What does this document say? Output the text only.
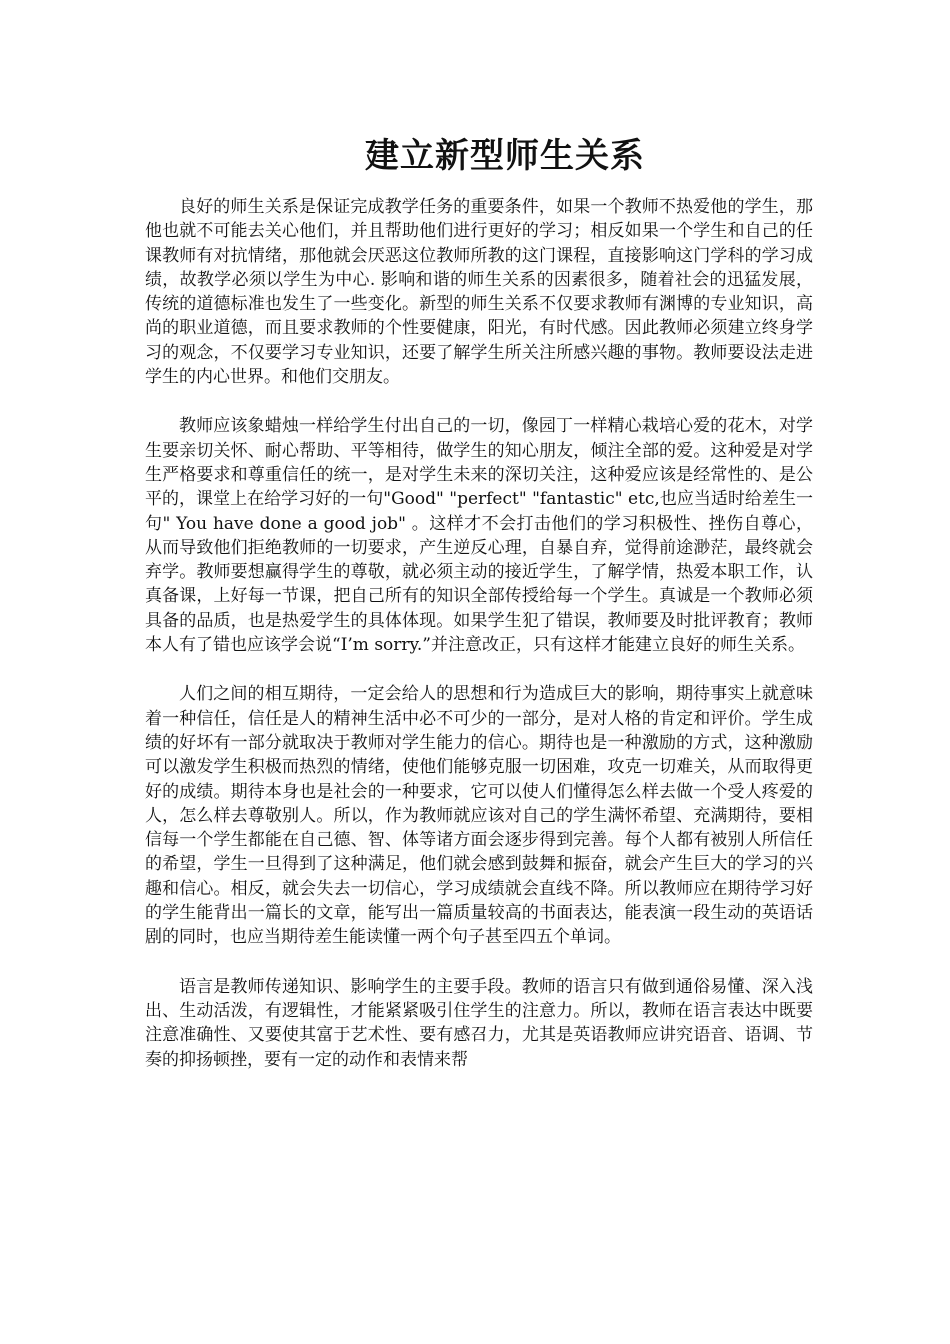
建立新型师生关系

良好的师生关系是保证完成教学任务的重要条件，如果一个教师不热爱他的学生，那他也就不可能去关心他们，并且帮助他们进行更好的学习；相反如果一个学生和自己的任课教师有对抗情绪，那他就会厌恶这位教师所教的这门课程，直接影响这门学科的学习成绩，故教学必须以学生为中心. 影响和谐的师生关系的因素很多，随着社会的迅猛发展，传统的道德标准也发生了一些变化。新型的师生关系不仅要求教师有渊博的专业知识，高尚的职业道德，而且要求教师的个性要健康，阳光，有时代感。因此教师必须建立终身学习的观念，不仅要学习专业知识，还要了解学生所关注所感兴趣的事物。教师要设法走进学生的内心世界。和他们交朋友。

教师应该象蜡烛一样给学生付出自己的一切，像园丁一样精心栽培心爱的花木，对学生要亲切关怀、耐心帮助、平等相待，做学生的知心朋友，倾注全部的爱。这种爱是对学生严格要求和尊重信任的统一，是对学生未来的深切关注，这种爱应该是经常性的、是公平的，课堂上在给学习好的一句"Good" "perfect" "fantastic" etc,也应当适时给差生一句" You have done a good job" 。这样才不会打击他们的学习积极性、挫伤自尊心，从而导致他们拒绝教师的一切要求，产生逆反心理，自暴自弃，觉得前途渺茫，最终就会弃学。教师要想赢得学生的尊敬，就必须主动的接近学生，了解学情，热爱本职工作，认真备课，上好每一节课，把自己所有的知识全部传授给每一个学生。真诚是一个教师必须具备的品质，也是热爱学生的具体体现。如果学生犯了错误，教师要及时批评教育；教师本人有了错也应该学会说“I’m sorry.”并注意改正，只有这样才能建立良好的师生关系。

人们之间的相互期待，一定会给人的思想和行为造成巨大的影响，期待事实上就意味着一种信任，信任是人的精神生活中必不可少的一部分，是对人格的肯定和评价。学生成绩的好坏有一部分就取决于教师对学生能力的信心。期待也是一种激励的方式，这种激励可以激发学生积极而热烈的情绪，使他们能够克服一切困难，攻克一切难关，从而取得更好的成绩。期待本身也是社会的一种要求，它可以使人们懂得怎么样去做一个受人疼爱的人，怎么样去尊敬别人。所以，作为教师就应该对自己的学生满怀希望、充满期待，要相信每一个学生都能在自己德、智、体等诸方面会逐步得到完善。每个人都有被别人所信任的希望，学生一旦得到了这种满足，他们就会感到鼓舞和振奋，就会产生巨大的学习的兴趣和信心。相反，就会失去一切信心，学习成绩就会直线不降。所以教师应在期待学习好的学生能背出一篇长的文章，能写出一篇质量较高的书面表达，能表演一段生动的英语话剧的同时，也应当期待差生能读懂一两个句子甚至四五个单词。

语言是教师传递知识、影响学生的主要手段。教师的语言只有做到通俗易懂、深入浅出、生动活泼，有逻辑性，才能紧紧吸引住学生的注意力。所以，教师在语言表达中既要注意准确性、又要使其富于艺术性、要有感召力，尤其是英语教师应讲究语音、语调、节奏的抑扬顿挫，要有一定的动作和表情来帮
